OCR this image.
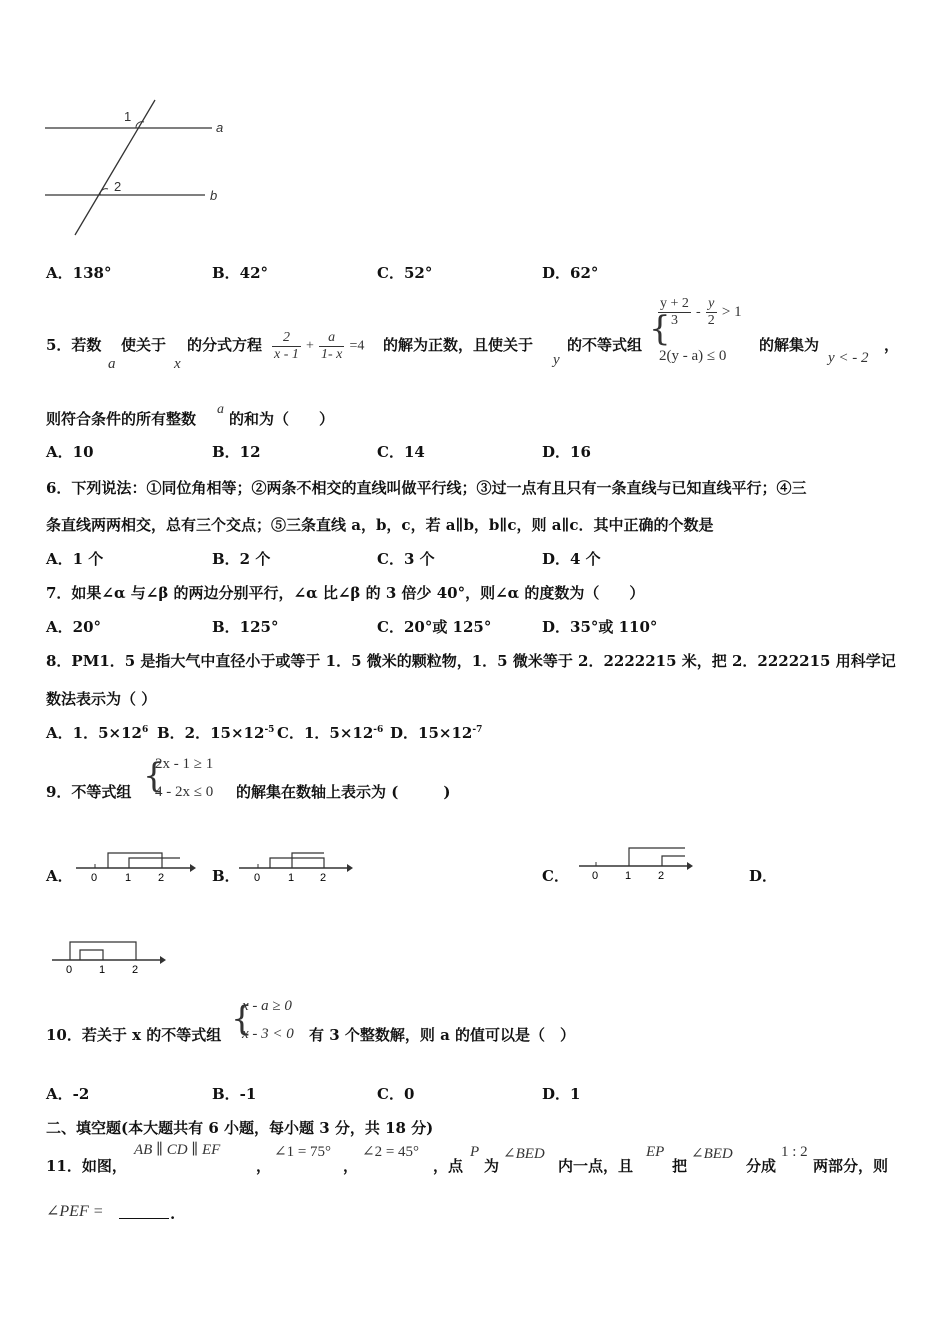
1
2
a
b
A．138°	B．42°	C．52°	D．62°
5．若数
a
使关于
x
的分式方程 $\frac{2}{x - 1} + \frac{a}{1- x} =4$ 的解为正数，且使关于
y
的不等式组 {
$\frac{y + 2}{3} - \frac{y}{2} > 1$
2(y - a) ≤ 0
的解集为
y < - 2
，
则符合条件的所有整数
a
的和为（　　）
A．10	B．12	C．14	D．16
6．下列说法：①同位角相等；②两条不相交的直线叫做平行线；③过一点有且只有一条直线与已知直线平行；④三
条直线两两相交，总有三个交点；⑤三条直线 a，b，c，若 a∥b，b∥c，则 a∥c．其中正确的个数是
A．1 个	B．2 个	C．3 个	D．4 个
7．如果∠α 与∠β 的两边分别平行，∠α 比∠β 的 3 倍少 40°，则∠α 的度数为（　　）
A．20°	B．125°	C．20°或 125°	D．35°或 110°
8．PM1．5 是指大气中直径小于或等于 1．5 微米的颗粒物，1．5 微米等于 2．2222215 米，把 2．2222215 用科学记
数法表示为（ ）
A．1．$5\times 12^6$ B．2．$15\times 12^{-5}$ C．1．$5\times 12^{-6}$ D．$15\times 12^{-7}$
9．不等式组 {
2x - 1 ≥ 1
4 - 2x ≤ 0 的解集在数轴上表示为 (　　　)
A． 0	1 2	B． 0	1 2	C． 0 1 2	D．
0 1 2
10．若关于 x 的不等式组 {
x - a ≥ 0
x - 3 < 0 有 3 个整数解，则 a 的值可以是（　）
A．-2	B．-1	C．0	D．1
二、填空题(本大题共有 6 小题，每小题 3 分，共 18 分)
11．如图，
AB ∥ CD ∥ EF
，
∠1 = 75°
，
∠2 = 45°
，点
P
为
∠BED
内一点，且
EP
把
∠BED
分成
1 : 2
两部分，则
∠PEF =	.
